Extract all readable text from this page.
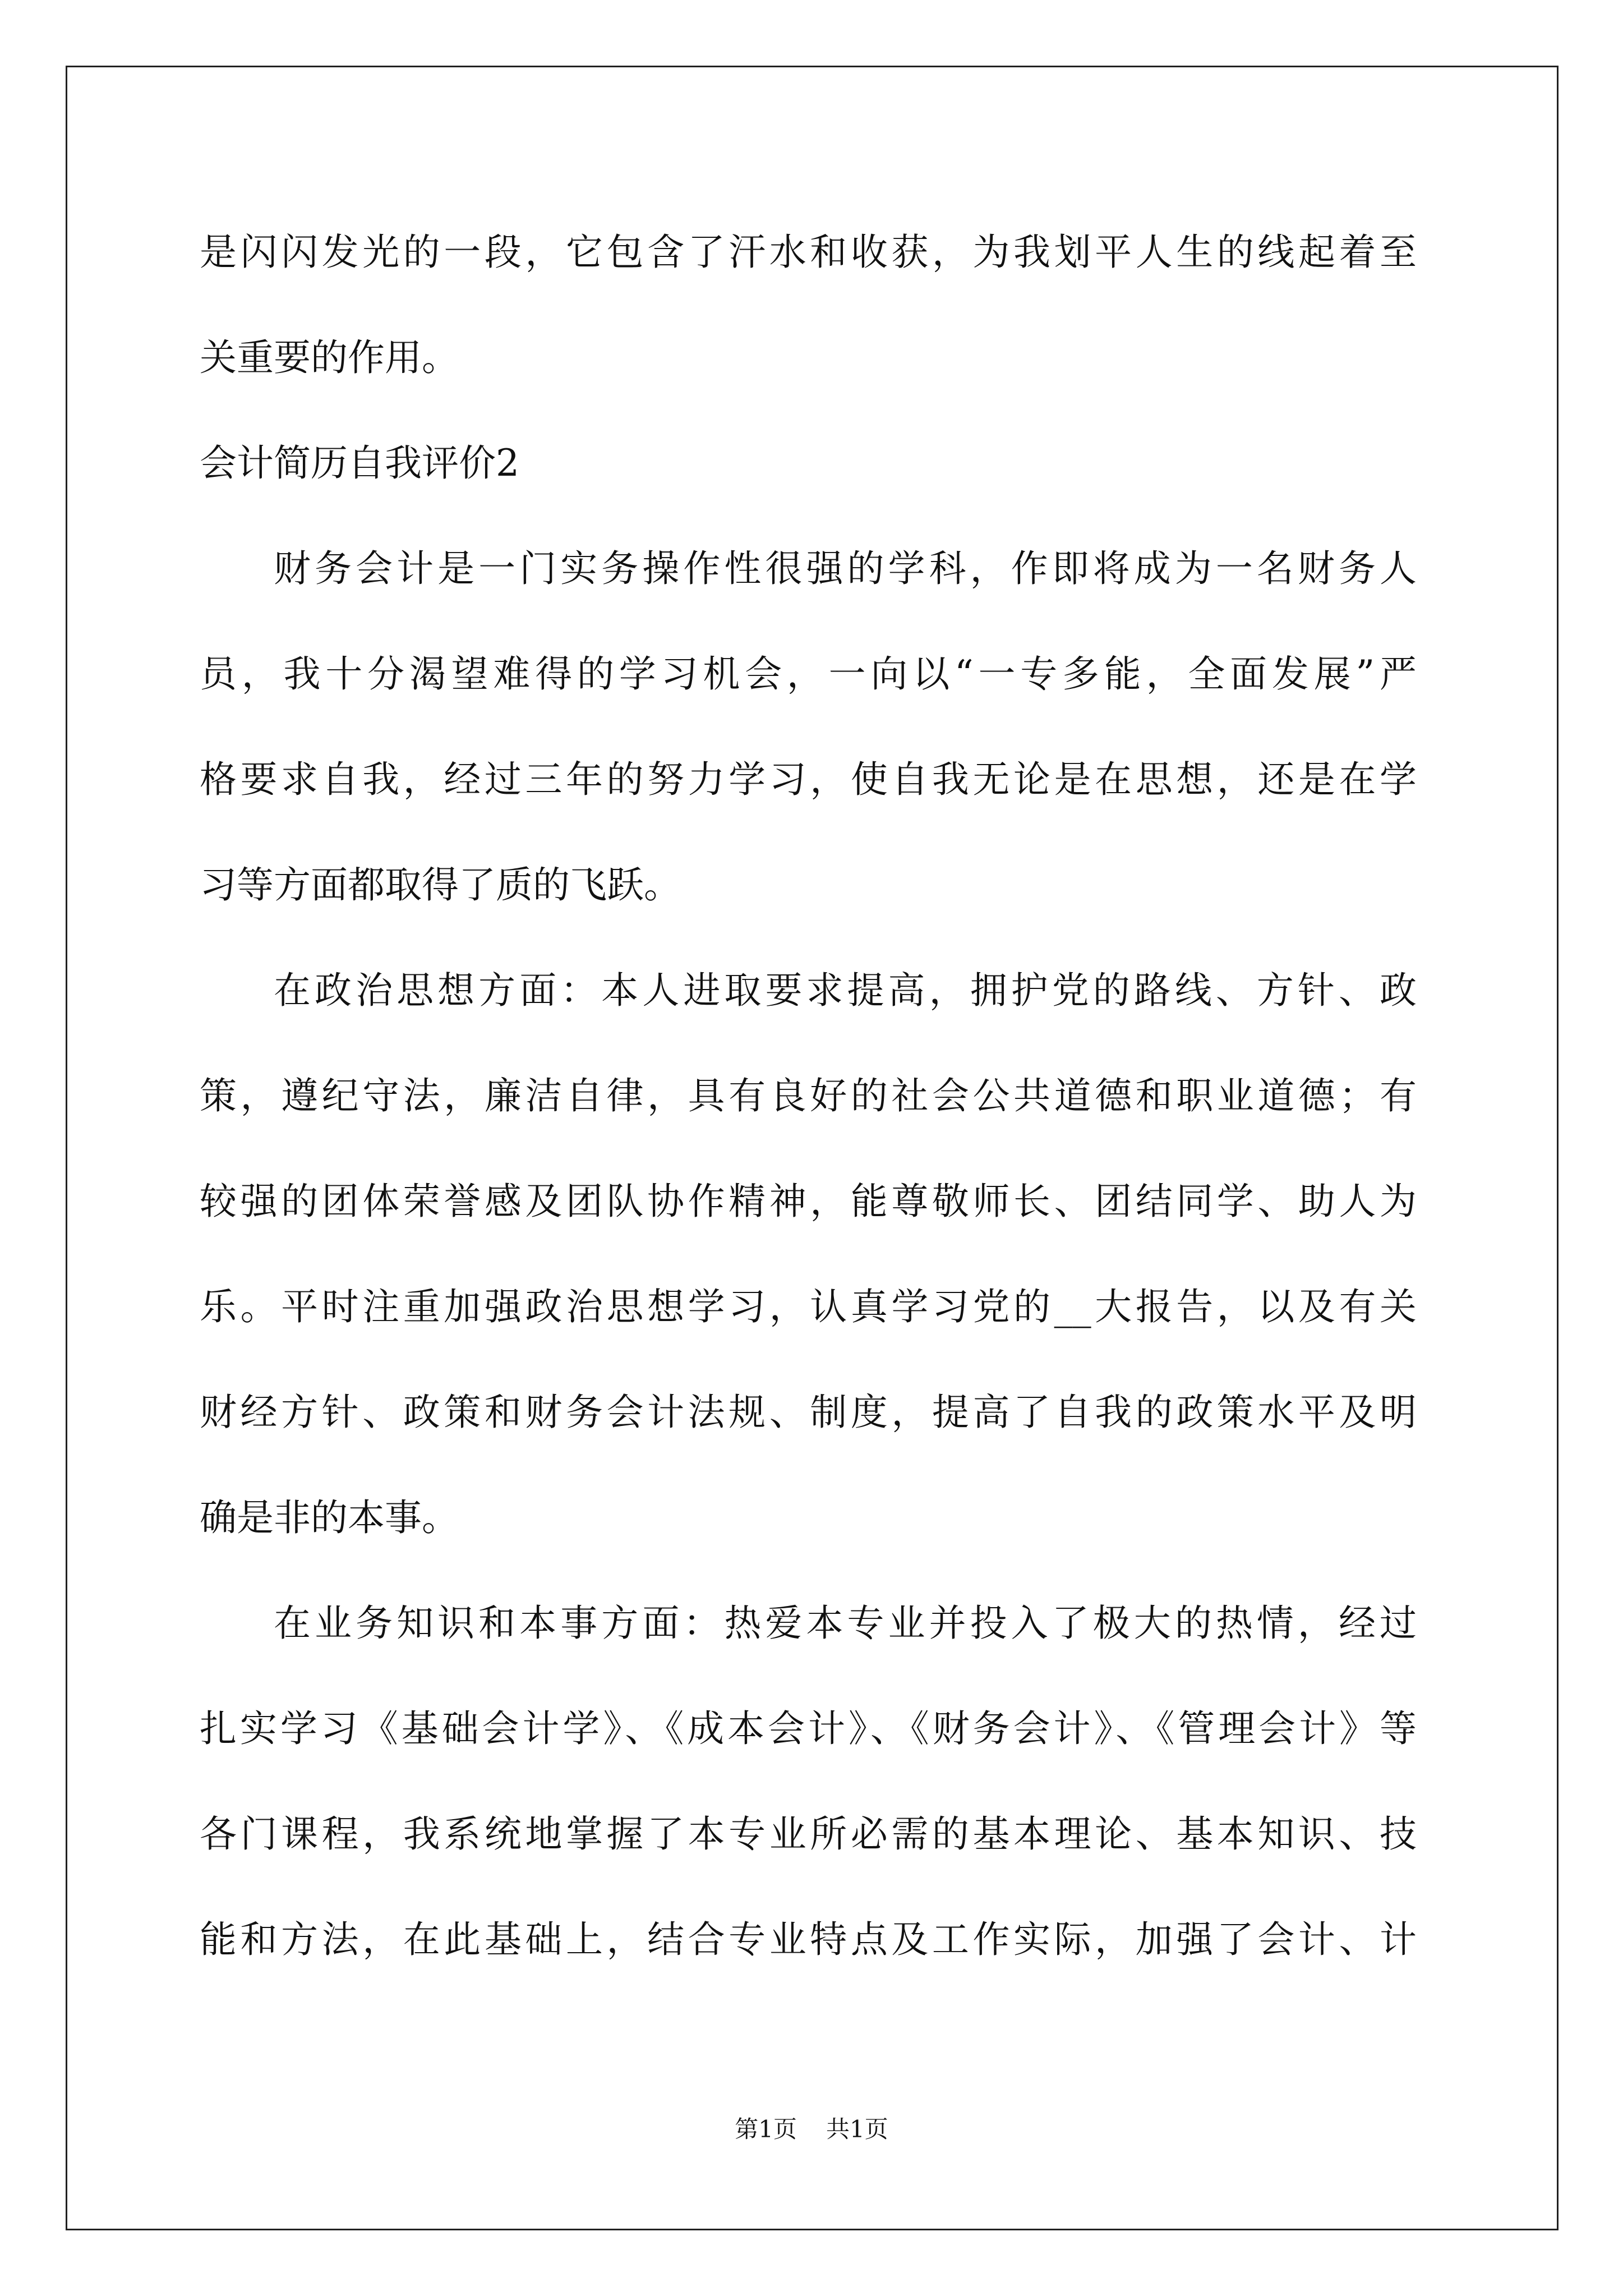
是闪闪发光的一段，它包含了汗水和收获，为我划平人生的线起着至
关重要的作用。
会计简历自我评价2
财务会计是一门实务操作性很强的学科，作即将成为一名财务人
员，我十分渴望难得的学习机会，一向以“一专多能，全面发展”严
格要求自我，经过三年的努力学习，使自我无论是在思想，还是在学
习等方面都取得了质的飞跃。
在政治思想方面：本人进取要求提高，拥护党的路线、方针、政
策，遵纪守法，廉洁自律，具有良好的社会公共道德和职业道德；有
较强的团体荣誉感及团队协作精神，能尊敬师长、团结同学、助人为
乐。平时注重加强政治思想学习，认真学习党的__大报告，以及有关
财经方针、政策和财务会计法规、制度，提高了自我的政策水平及明
确是非的本事。
在业务知识和本事方面：热爱本专业并投入了极大的热情，经过
扎实学习《基础会计学》、《成本会计》、《财务会计》、《管理会计》等
各门课程，我系统地掌握了本专业所必需的基本理论、基本知识、技
能和方法，在此基础上，结合专业特点及工作实际，加强了会计、计
第1页 共1页
